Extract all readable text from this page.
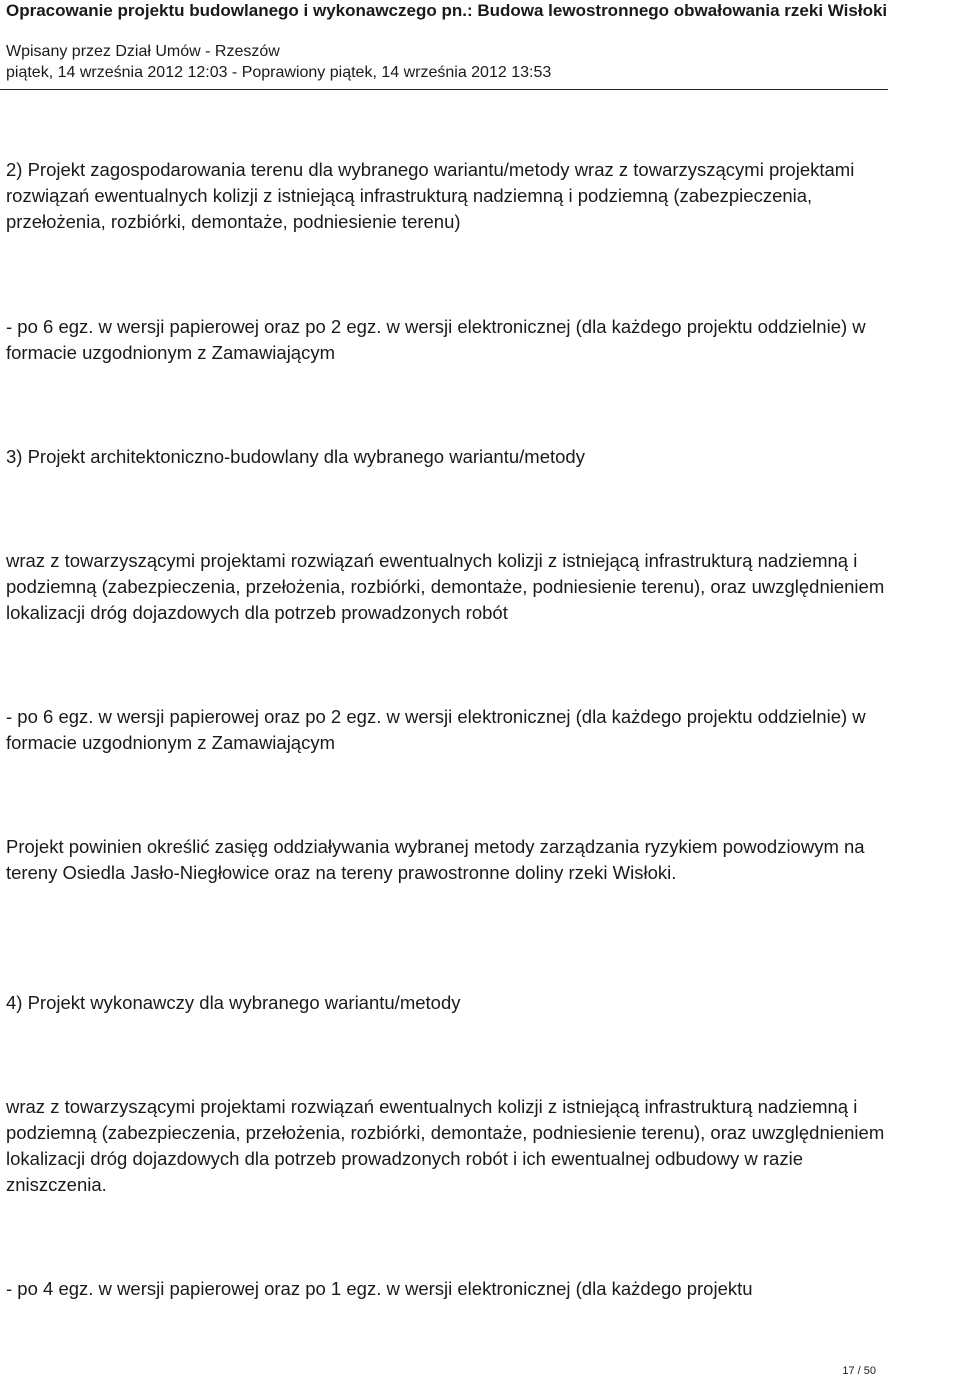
Opracowanie projektu budowlanego i wykonawczego pn.: Budowa lewostronnego obwałowania rzeki Wisłoki
Wpisany przez Dział Umów - Rzeszów
piątek, 14 września 2012 12:03 - Poprawiony piątek, 14 września 2012 13:53

2) Projekt zagospodarowania terenu dla wybranego wariantu/metody wraz z towarzyszącymi projektami rozwiązań ewentualnych kolizji z istniejącą infrastrukturą nadziemną i podziemną (zabezpieczenia, przełożenia, rozbiórki, demontaże, podniesienie terenu)

- po 6 egz. w wersji papierowej oraz po 2 egz. w wersji elektronicznej (dla każdego projektu oddzielnie) w formacie uzgodnionym z Zamawiającym

3) Projekt architektoniczno-budowlany dla wybranego wariantu/metody

wraz z towarzyszącymi projektami rozwiązań ewentualnych kolizji z istniejącą infrastrukturą nadziemną i podziemną (zabezpieczenia, przełożenia, rozbiórki, demontaże, podniesienie terenu), oraz uwzględnieniem lokalizacji dróg dojazdowych dla potrzeb prowadzonych robót

- po 6 egz. w wersji papierowej oraz po 2 egz. w wersji elektronicznej (dla każdego projektu oddzielnie) w formacie uzgodnionym z Zamawiającym

Projekt powinien określić zasięg oddziaływania wybranej metody zarządzania ryzykiem powodziowym na tereny Osiedla Jasło-Niegłowice oraz na tereny prawostronne doliny rzeki Wisłoki.

4) Projekt wykonawczy dla wybranego wariantu/metody

wraz z towarzyszącymi projektami rozwiązań ewentualnych kolizji z istniejącą infrastrukturą nadziemną i podziemną (zabezpieczenia, przełożenia, rozbiórki, demontaże, podniesienie terenu), oraz uwzględnieniem lokalizacji dróg dojazdowych dla potrzeb prowadzonych robót i ich ewentualnej odbudowy w razie zniszczenia.

- po 4 egz. w wersji papierowej oraz po 1 egz. w wersji elektronicznej (dla każdego projektu

17 / 50
